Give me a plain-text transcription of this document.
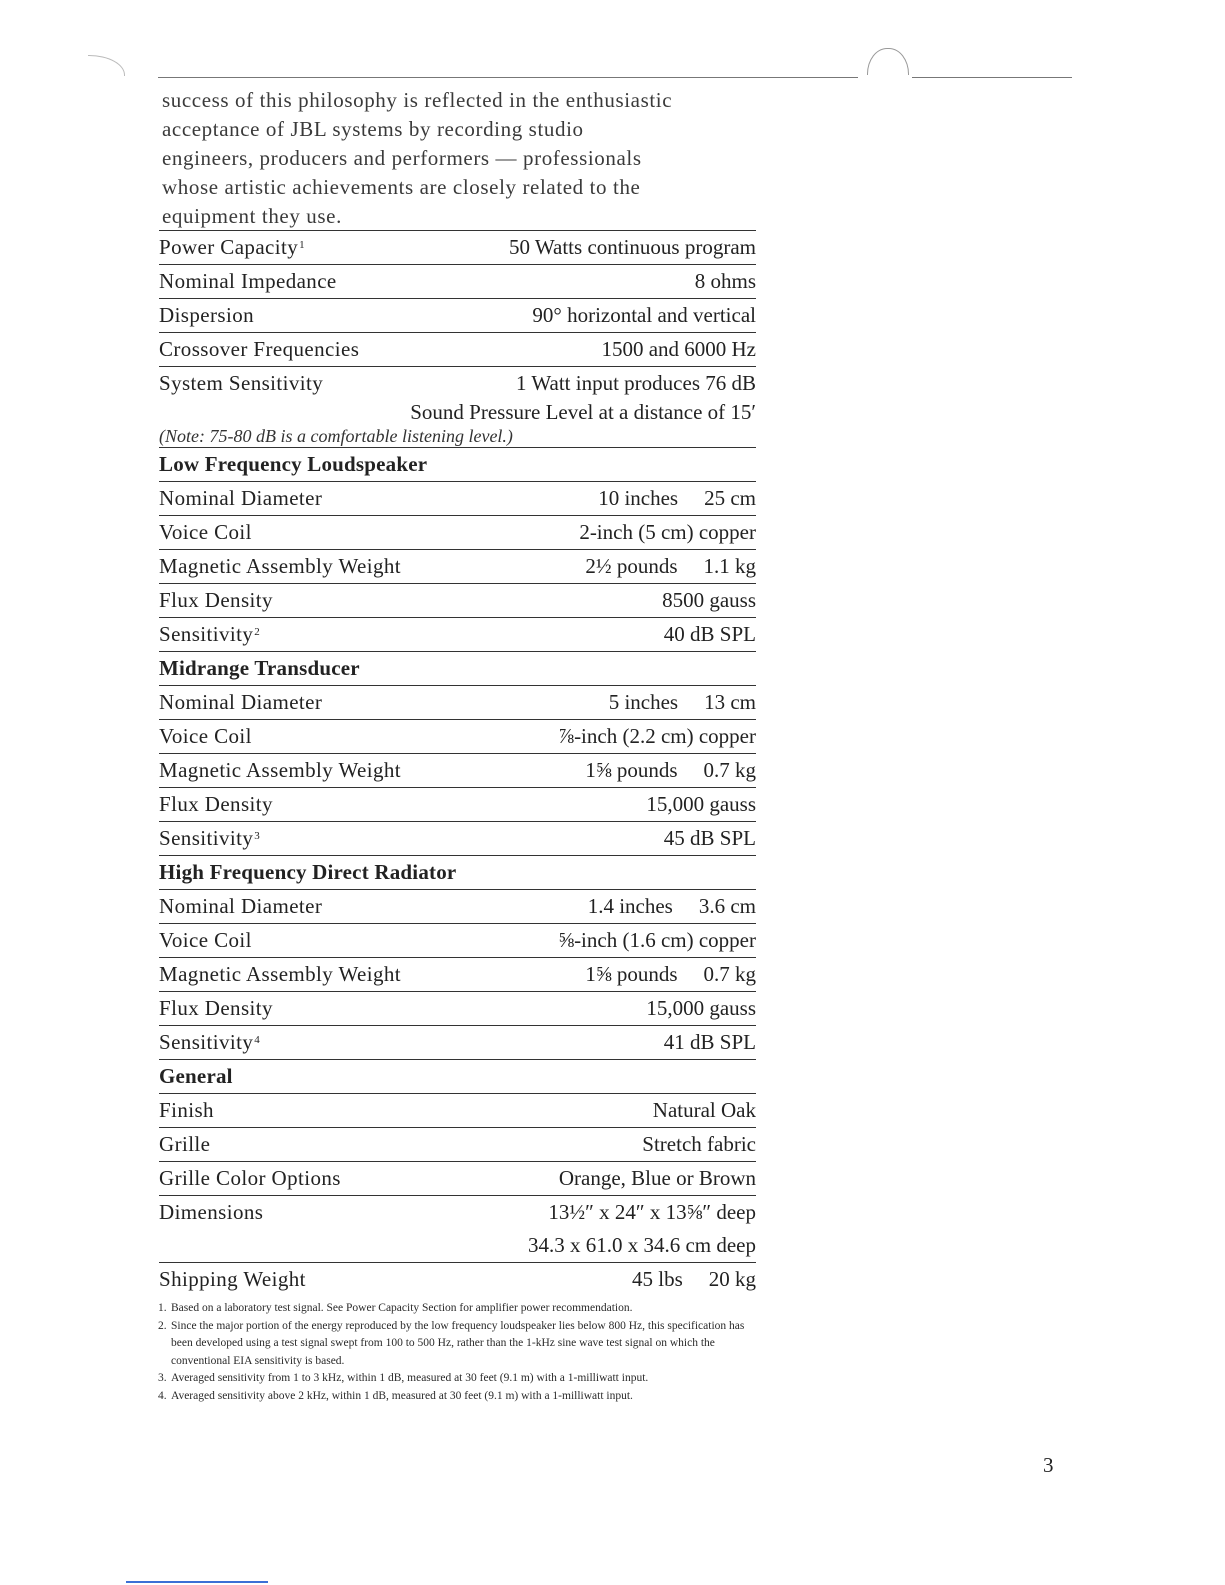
success of this philosophy is reflected in the enthusiastic
acceptance of JBL systems by recording studio
engineers, producers and performers — professionals
whose artistic achievements are closely related to the
equipment they use.
Power Capacity$^1$	50 Watts continuous program
Nominal Impedance	8 ohms
Dispersion	90° horizontal and vertical
Crossover Frequencies	1500 and 6000 Hz
System Sensitivity	1 Watt input produces 76 dB
Sound Pressure Level at a distance of 15′
(Note: 75-80 dB is a comfortable listening level.)
Low Frequency Loudspeaker
Nominal Diameter	10 inches 25 cm
Voice Coil	2-inch (5 cm) copper
Magnetic Assembly Weight	2½ pounds 1.1 kg
Flux Density	8500 gauss
Sensitivity$^2$	40 dB SPL
Midrange Transducer
Nominal Diameter	5 inches 13 cm
Voice Coil	⅞-inch (2.2 cm) copper
Magnetic Assembly Weight	1⅝ pounds 0.7 kg
Flux Density	15,000 gauss
Sensitivity$^3$	45 dB SPL
High Frequency Direct Radiator
Nominal Diameter	1.4 inches 3.6 cm
Voice Coil	⅝-inch (1.6 cm) copper
Magnetic Assembly Weight	1⅝ pounds 0.7 kg
Flux Density	15,000 gauss
Sensitivity$^4$	41 dB SPL
General
Finish	Natural Oak
Grille	Stretch fabric
Grille Color Options	Orange, Blue or Brown
Dimensions	13½″ x 24″ x 13⅝″ deep
34.3 x 61.0 x 34.6 cm deep
Shipping Weight	45 lbs 20 kg
1. Based on a laboratory test signal. See Power Capacity Section for amplifier power recommendation.
2. Since the major portion of the energy reproduced by the low frequency loudspeaker lies below 800 Hz, this specification has been developed using a test signal swept from 100 to 500 Hz, rather than the 1-kHz sine wave test signal on which the conventional EIA sensitivity is based.
3. Averaged sensitivity from 1 to 3 kHz, within 1 dB, measured at 30 feet (9.1 m) with a 1-milliwatt input.
4. Averaged sensitivity above 2 kHz, within 1 dB, measured at 30 feet (9.1 m) with a 1-milliwatt input.
3
